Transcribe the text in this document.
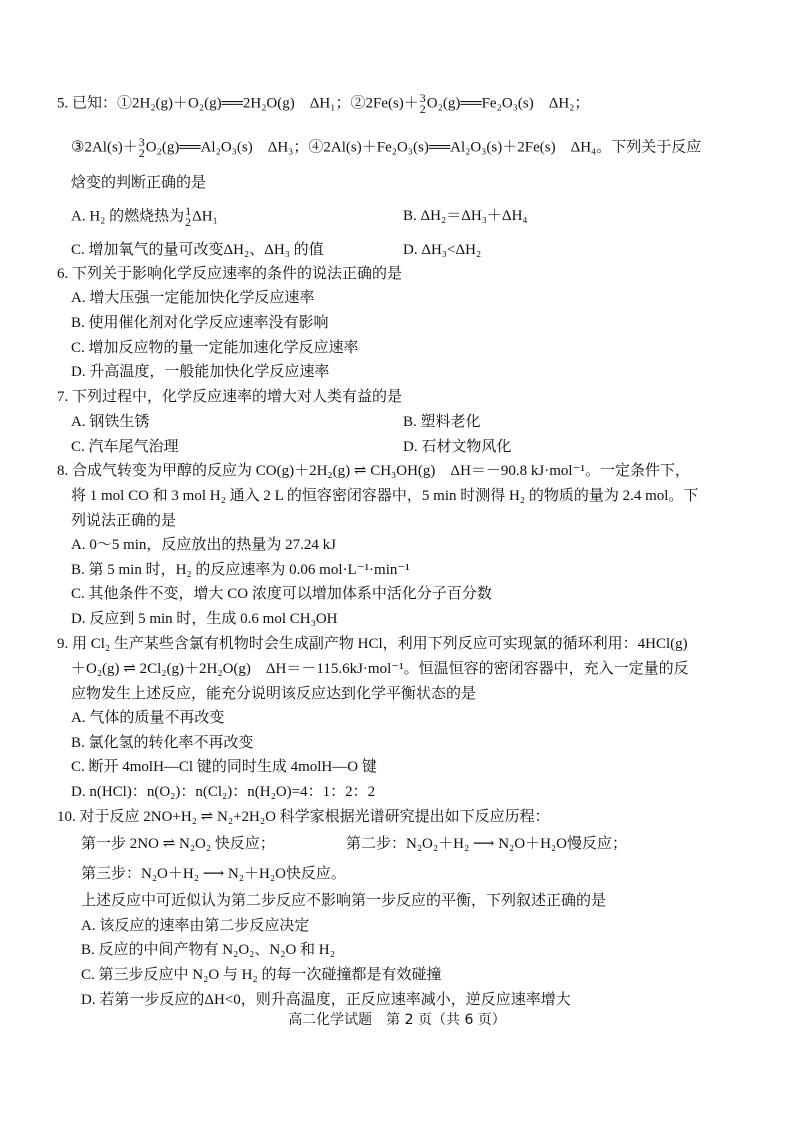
5. 已知：①2H₂(g)＋O₂(g)══2H₂O(g)　ΔH₁；②2Fe(s)＋ 3
2 O₂(g)══Fe₂O₃(s)　ΔH₂；
③2Al(s)＋ 3
2 O₂(g)══Al₂O₃(s)　ΔH₃；④2Al(s)＋Fe₂O₃(s)══Al₂O₃(s)＋2Fe(s)　ΔH₄。下列关于反应
焓变的判断正确的是
A. H₂ 的燃烧热为 1
2 ΔH₁	B. ΔH₂＝ΔH₃＋ΔH₄
C. 增加氧气的量可改变ΔH₂、ΔH₃ 的值	D. ΔH₃<ΔH₂
6. 下列关于影响化学反应速率的条件的说法正确的是
A. 增大压强一定能加快化学反应速率
B. 使用催化剂对化学反应速率没有影响
C. 增加反应物的量一定能加速化学反应速率
D. 升高温度，一般能加快化学反应速率
7. 下列过程中，化学反应速率的增大对人类有益的是
A. 钢铁生锈	B. 塑料老化
C. 汽车尾气治理	D. 石材文物风化
8. 合成气转变为甲醇的反应为 CO(g)＋2H₂(g) ⇌ CH₃OH(g)　ΔH＝－90.8 kJ·mol⁻¹。一定条件下，
将 1 mol CO 和 3 mol H₂ 通入 2 L 的恒容密闭容器中，5 min 时测得 H₂ 的物质的量为 2.4 mol。下
列说法正确的是
A. 0～5 min，反应放出的热量为 27.24 kJ
B. 第 5 min 时，H₂ 的反应速率为 0.06 mol·L⁻¹·min⁻¹
C. 其他条件不变，增大 CO 浓度可以增加体系中活化分子百分数
D. 反应到 5 min 时，生成 0.6 mol CH₃OH
9. 用 Cl₂ 生产某些含氯有机物时会生成副产物 HCl，利用下列反应可实现氯的循环利用：4HCl(g)
＋O₂(g) ⇌ 2Cl₂(g)＋2H₂O(g)　ΔH＝－115.6kJ·mol⁻¹。恒温恒容的密闭容器中，充入一定量的反
应物发生上述反应，能充分说明该反应达到化学平衡状态的是
A. 气体的质量不再改变
B. 氯化氢的转化率不再改变
C. 断开 4molH—Cl 键的同时生成 4molH—O 键
D. n(HCl)：n(O₂)：n(Cl₂)：n(H₂O)=4：1：2：2
10. 对于反应 2NO+H₂ ⇌ N₂+2H₂O 科学家根据光谱研究提出如下反应历程：
第一步 2NO ⇌ N₂O₂ 快反应；	第二步：N₂O₂＋H₂ ⟶ N₂O＋H₂O慢反应；
第三步：N₂O＋H₂ ⟶ N₂＋H₂O快反应。
上述反应中可近似认为第二步反应不影响第一步反应的平衡，下列叙述正确的是
A. 该反应的速率由第二步反应决定
B. 反应的中间产物有 N₂O₂、N₂O 和 H₂
C. 第三步反应中 N₂O 与 H₂ 的每一次碰撞都是有效碰撞
D. 若第一步反应的ΔH<0，则升高温度，正反应速率减小，逆反应速率增大
高二化学试题　第 2 页（共 6 页）
